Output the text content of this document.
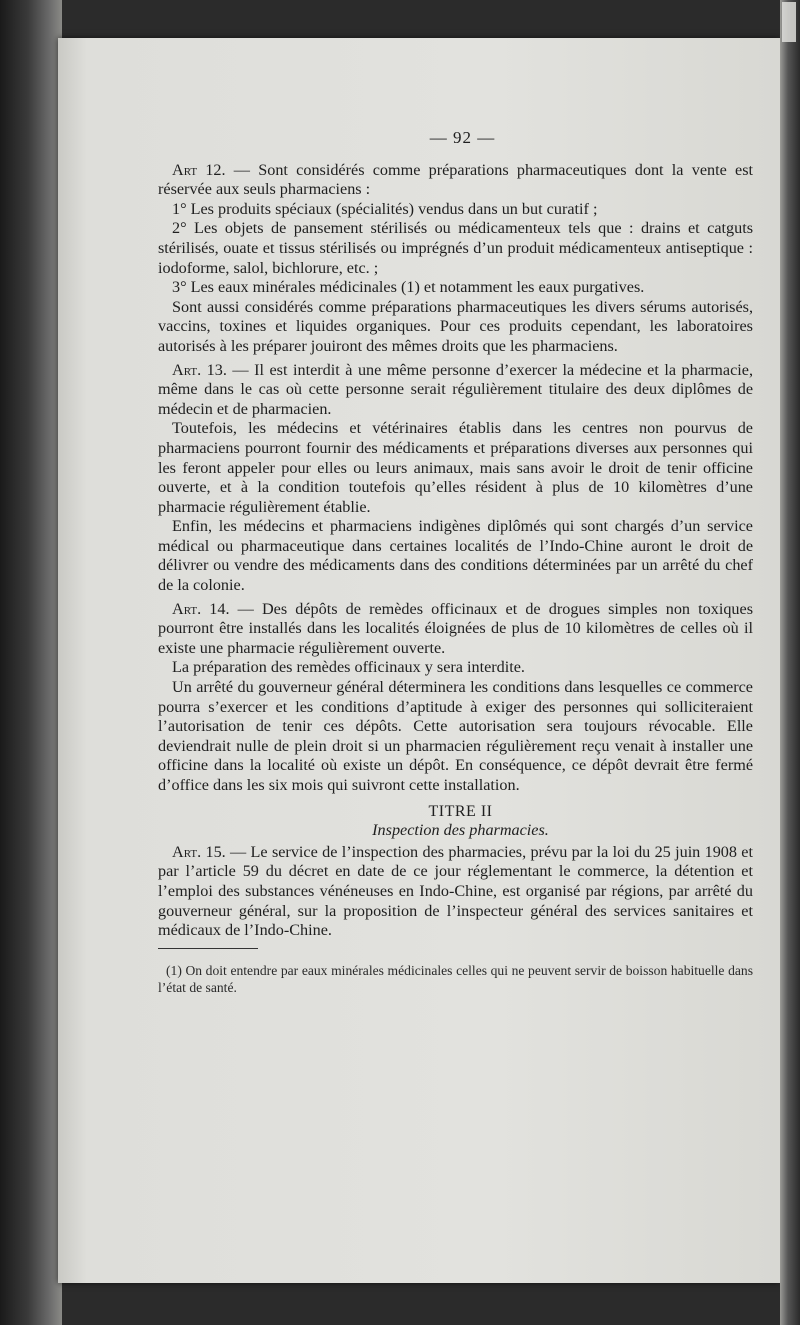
— 92 —

Art 12. — Sont considérés comme préparations pharmaceutiques dont la vente est réservée aux seuls pharmaciens :

1° Les produits spéciaux (spécialités) vendus dans un but curatif ;

2° Les objets de pansement stérilisés ou médicamenteux tels que : drains et catguts stérilisés, ouate et tissus stérilisés ou imprégnés d’un produit médicamenteux antiseptique : iodoforme, salol, bichlorure, etc. ;

3° Les eaux minérales médicinales (1) et notamment les eaux purgatives.

Sont aussi considérés comme préparations pharmaceutiques les divers sérums autorisés, vaccins, toxines et liquides organiques. Pour ces produits cependant, les laboratoires autorisés à les préparer jouiront des mêmes droits que les pharmaciens.

Art. 13. — Il est interdit à une même personne d’exercer la médecine et la pharmacie, même dans le cas où cette personne serait régulièrement titulaire des deux diplômes de médecin et de pharmacien.

Toutefois, les médecins et vétérinaires établis dans les centres non pourvus de pharmaciens pourront fournir des médicaments et préparations diverses aux personnes qui les feront appeler pour elles ou leurs animaux, mais sans avoir le droit de tenir officine ouverte, et à la condition toutefois qu’elles résident à plus de 10 kilomètres d’une pharmacie régulièrement établie.

Enfin, les médecins et pharmaciens indigènes diplômés qui sont chargés d’un service médical ou pharmaceutique dans certaines localités de l’Indo-Chine auront le droit de délivrer ou vendre des médicaments dans des conditions déterminées par un arrêté du chef de la colonie.

Art. 14. — Des dépôts de remèdes officinaux et de drogues simples non toxiques pourront être installés dans les localités éloignées de plus de 10 kilomètres de celles où il existe une pharmacie régulièrement ouverte.

La préparation des remèdes officinaux y sera interdite.

Un arrêté du gouverneur général déterminera les conditions dans lesquelles ce commerce pourra s’exercer et les conditions d’aptitude à exiger des personnes qui solliciteraient l’autorisation de tenir ces dépôts. Cette autorisation sera toujours révocable. Elle deviendrait nulle de plein droit si un pharmacien régulièrement reçu venait à installer une officine dans la localité où existe un dépôt. En conséquence, ce dépôt devrait être fermé d’office dans les six mois qui suivront cette installation.

TITRE II
Inspection des pharmacies.

Art. 15. — Le service de l’inspection des pharmacies, prévu par la loi du 25 juin 1908 et par l’article 59 du décret en date de ce jour réglementant le commerce, la détention et l’emploi des substances vénéneuses en Indo-Chine, est organisé par régions, par arrêté du gouverneur général, sur la proposition de l’inspecteur général des services sanitaires et médicaux de l’Indo-Chine.

(1) On doit entendre par eaux minérales médicinales celles qui ne peuvent servir de boisson habituelle dans l’état de santé.
